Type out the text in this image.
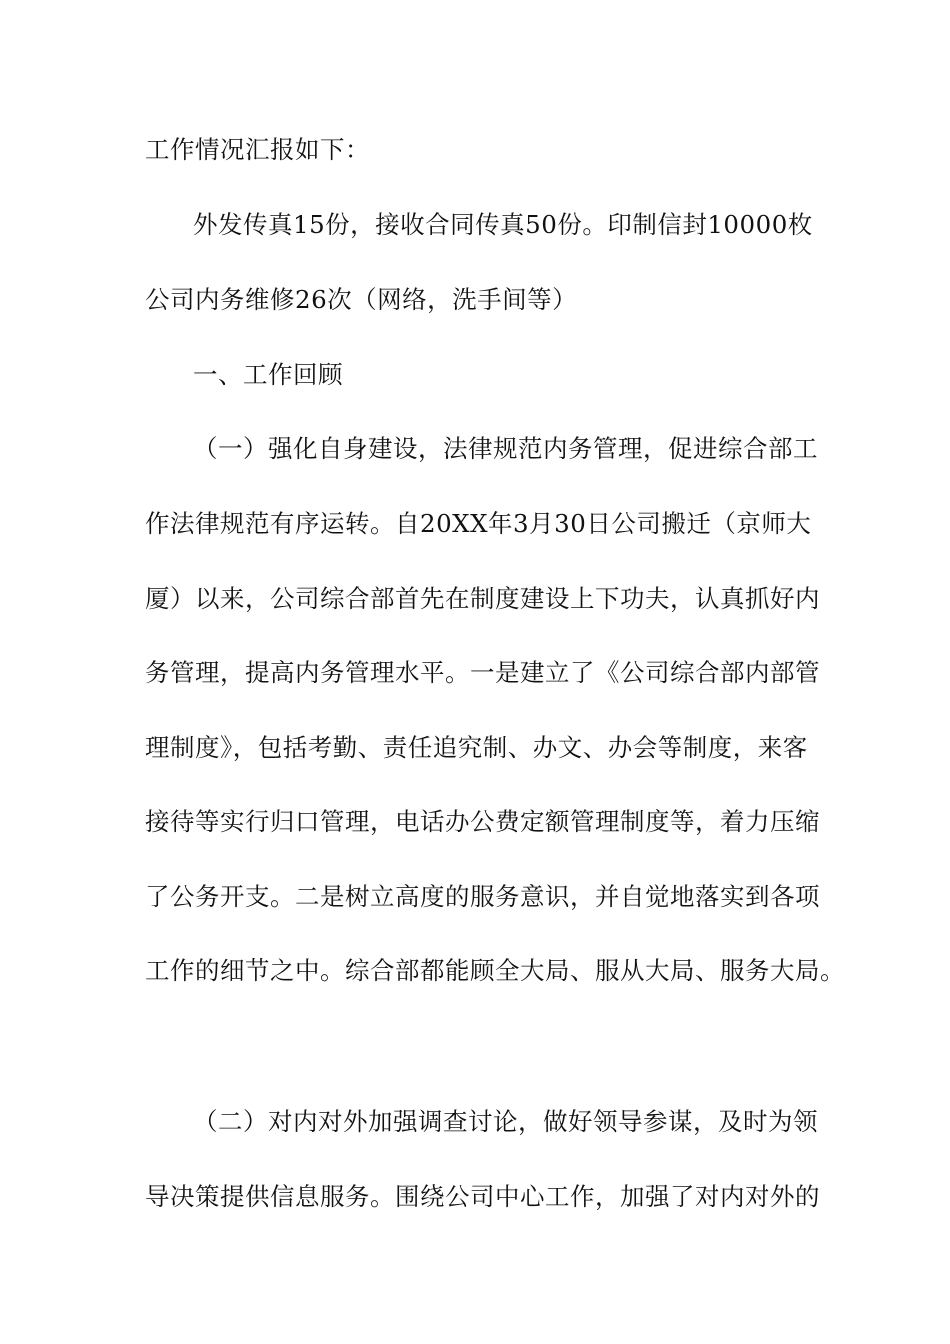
工作情况汇报如下：
外发传真15份，接收合同传真50份。印制信封10000枚
公司内务维修26次（网络，洗手间等）
一、工作回顾
（一）强化自身建设，法律规范内务管理，促进综合部工
作法律规范有序运转。自20XX年3月30日公司搬迁（京师大
厦）以来，公司综合部首先在制度建设上下功夫，认真抓好内
务管理，提高内务管理水平。一是建立了《公司综合部内部管
理制度》，包括考勤、责任追究制、办文、办会等制度，来客
接待等实行归口管理，电话办公费定额管理制度等，着力压缩
了公务开支。二是树立高度的服务意识，并自觉地落实到各项
工作的细节之中。综合部都能顾全大局、服从大局、服务大局。
（二）对内对外加强调查讨论，做好领导参谋，及时为领
导决策提供信息服务。围绕公司中心工作，加强了对内对外的
